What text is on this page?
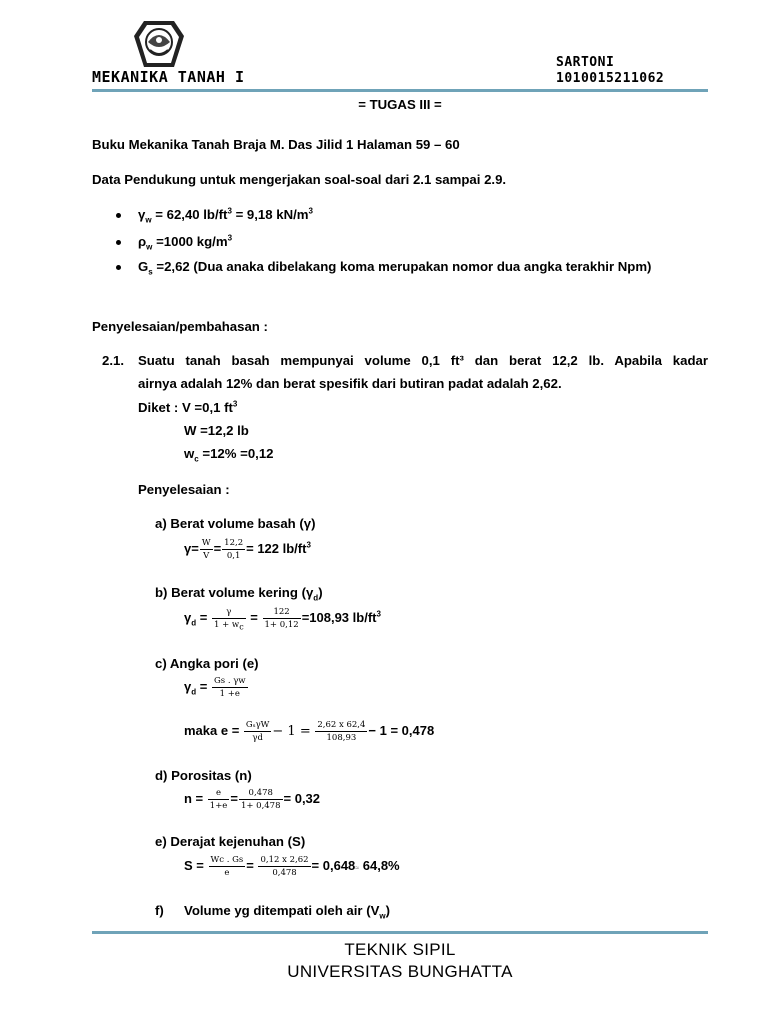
MEKANIKA TANAH I
SARTONI
1010015211062
= TUGAS III =
Buku Mekanika Tanah Braja M. Das Jilid 1 Halaman 59 – 60
Data Pendukung untuk mengerjakan soal-soal dari 2.1 sampai 2.9.
$\gamma_w = 62,40$ $lb/ft^3 = 9,18$ $kN/m^3$
$\rho_w =1000$ $kg/m^3$
$G_s =2,62$ (Dua anaka dibelakang koma merupakan nomor dua angka terakhir Npm)
Penyelesaian/pembahasan :
2.1. Suatu tanah basah mempunyai volume 0,1 ft³ dan berat 12,2 lb. Apabila kadar
airnya adalah 12% dan berat spesifik dari butiran padat adalah 2,62.
Diket : V =0,1 $ft^3$
W =12,2 lb
$w_c =12\% =0,12$
Penyelesaian :
a) Berat volume basah (γ)
$\gamma= \frac{W}{V} = \frac{12,2}{0,1} = 122$ $lb/ft^3$
b) Berat volume kering $(\gamma_d)$
$\gamma_d = \frac{\gamma}{1 + w_c} = \frac{122}{1+ 0,12} =108,93$ $lb/ft^3$
c) Angka pori (e)
$\gamma_d = \frac{Gs . \gamma w}{1 +e}$
maka $e = \frac{\text{GₛγW}}{\gamma d} - 1 = \frac{2,62 x 62,4}{108,93} - 1 = 0,478$
d) Porositas (n)
$n = \frac{e}{1+e} = \frac{0,478}{1+ 0,478} = 0,32$
e) Derajat kejenuhan (S)
$S = \frac{Wc . Gs}{e} = \frac{0,12 x 2,62}{0,478} = 0,648\approx 64,8\%$
f) Volume yg ditempati oleh air $(V_w)$
TEKNIK SIPIL
UNIVERSITAS BUNGHATTA
